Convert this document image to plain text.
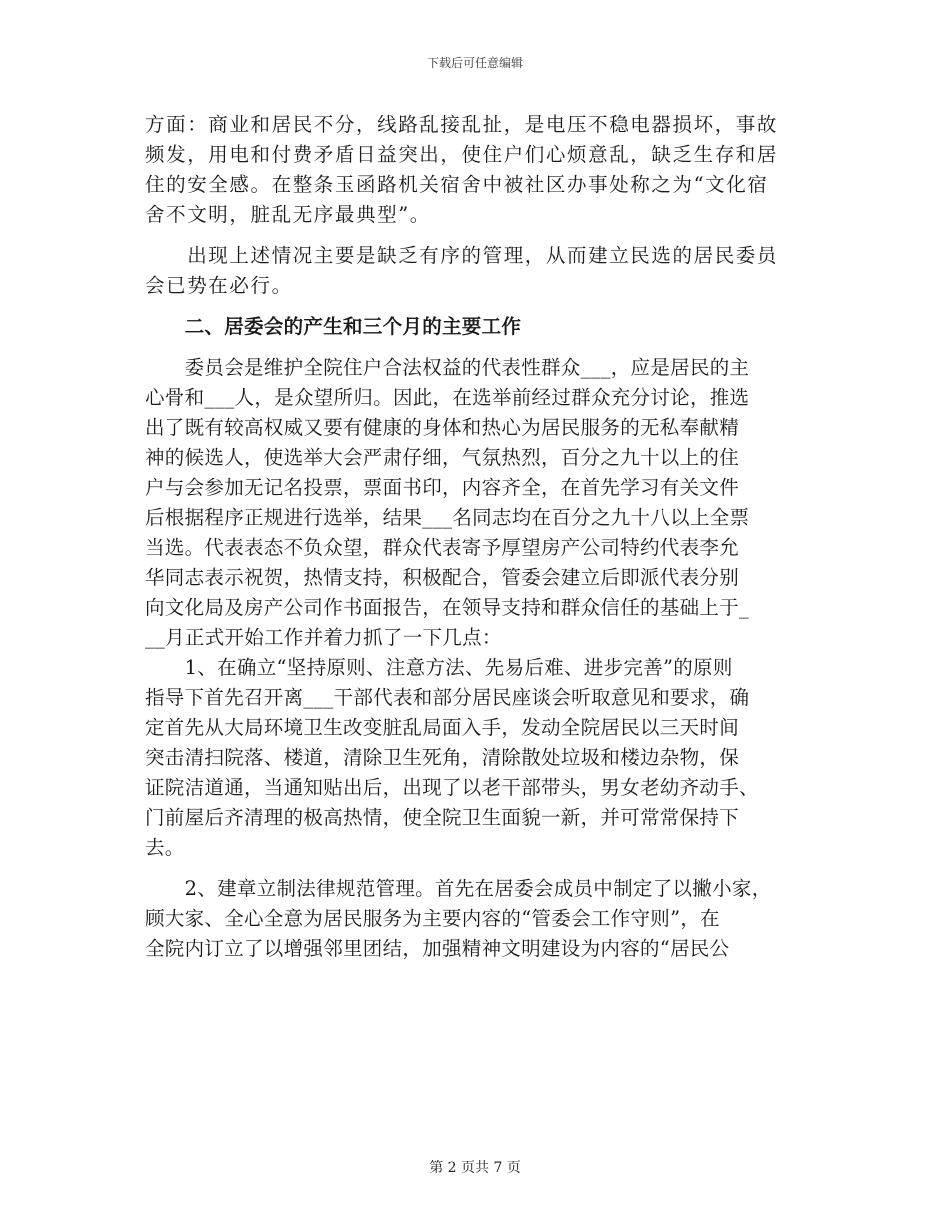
下载后可任意编辑
方面：商业和居民不分，线路乱接乱扯，是电压不稳电器损坏，事故
频发，用电和付费矛盾日益突出，使住户们心烦意乱，缺乏生存和居
住的安全感。在整条玉函路机关宿舍中被社区办事处称之为“文化宿
舍不文明，脏乱无序最典型”。
　　出现上述情况主要是缺乏有序的管理，从而建立民选的居民委员
会已势在必行。
　　二、居委会的产生和三个月的主要工作
　　委员会是维护全院住户合法权益的代表性群众___，应是居民的主
心骨和___人，是众望所归。因此，在选举前经过群众充分讨论，推选
出了既有较高权威又要有健康的身体和热心为居民服务的无私奉献精
神的候选人，使选举大会严肃仔细，气氛热烈，百分之九十以上的住
户与会参加无记名投票，票面书印，内容齐全，在首先学习有关文件
后根据程序正规进行选举，结果___名同志均在百分之九十八以上全票
当选。代表表态不负众望，群众代表寄予厚望房产公司特约代表李允
华同志表示祝贺，热情支持，积极配合，管委会建立后即派代表分别
向文化局及房产公司作书面报告，在领导支持和群众信任的基础上于_
__月正式开始工作并着力抓了一下几点：
　　1、在确立“坚持原则、注意方法、先易后难、进步完善”的原则
指导下首先召开离___干部代表和部分居民座谈会听取意见和要求，确
定首先从大局环境卫生改变脏乱局面入手，发动全院居民以三天时间
突击清扫院落、楼道，清除卫生死角，清除散处垃圾和楼边杂物，保
证院洁道通，当通知贴出后，出现了以老干部带头，男女老幼齐动手、
门前屋后齐清理的极高热情，使全院卫生面貌一新，并可常常保持下
去。
　　2、建章立制法律规范管理。首先在居委会成员中制定了以撇小家，
顾大家、全心全意为居民服务为主要内容的“管委会工作守则”，在
全院内订立了以增强邻里团结，加强精神文明建设为内容的“居民公
第 2 页共 7 页
